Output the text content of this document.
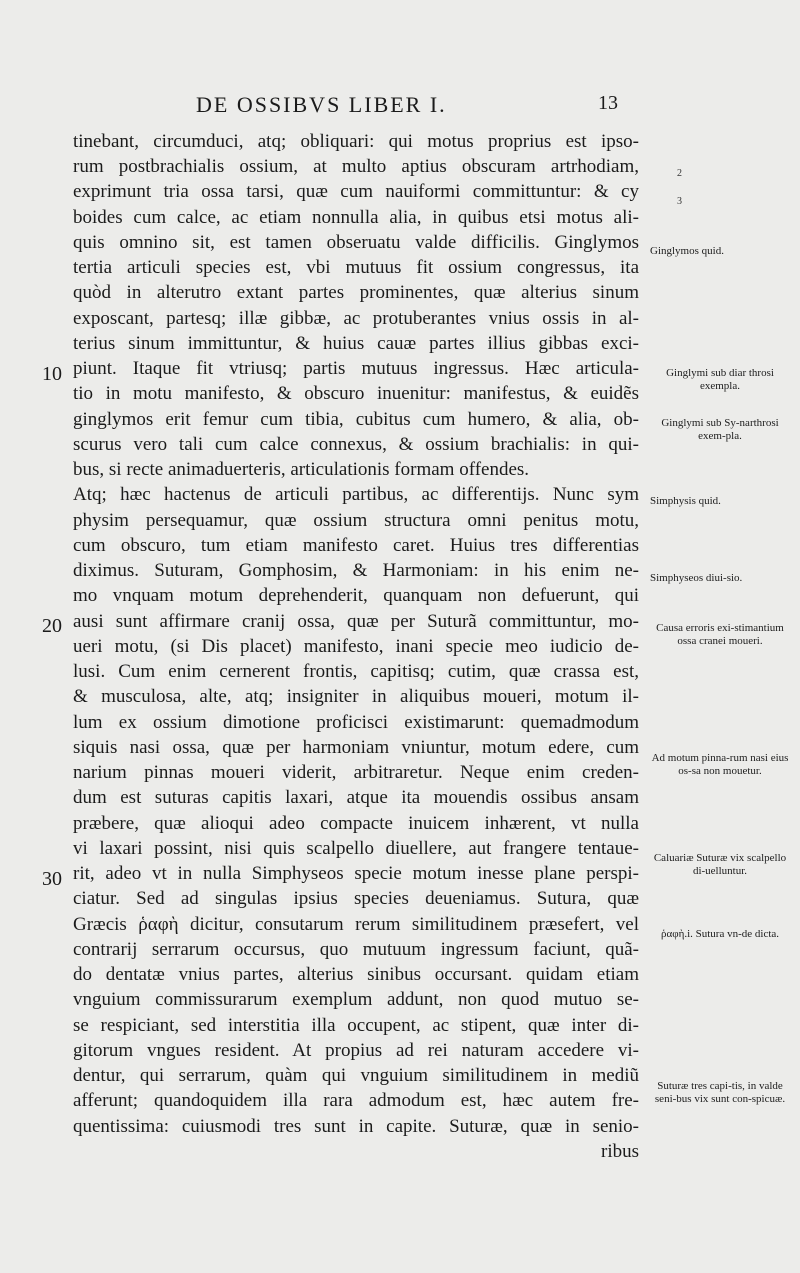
DE OSSIBVS LIBER I.	13
2
3
10
20
30
tinebant, circumduci, atq; obliquari: qui motus proprius est ipso-
rum postbrachialis ossium, at multo aptius obscuram artrhodiam,
exprimunt tria ossa tarsi, quæ cum nauiformi committuntur: & cy
boides cum calce, ac etiam nonnulla alia, in quibus etsi motus ali-
quis omnino sit, est tamen obseruatu valde difficilis. Ginglymos
tertia articuli species est, vbi mutuus fit ossium congressus, ita
quòd in alterutro extant partes prominentes, quæ alterius sinum
exposcant, partesq; illæ gibbæ, ac protuberantes vnius ossis in al-
terius sinum immittuntur, & huius cauæ partes illius gibbas exci-
piunt. Itaque fit vtriusq; partis mutuus ingressus. Hæc articula-
tio in motu manifesto, & obscuro inuenitur: manifestus, & euidẽs
ginglymos erit femur cum tibia, cubitus cum humero, & alia, ob-
scurus vero tali cum calce connexus, & ossium brachialis: in qui-
bus, si recte animaduerteris, articulationis formam offendes.
Atq; hæc hactenus de articuli partibus, ac differentijs. Nunc sym
physim persequamur, quæ ossium structura omni penitus motu,
cum obscuro, tum etiam manifesto caret. Huius tres differentias
diximus. Suturam, Gomphosim, & Harmoniam: in his enim ne-
mo vnquam motum deprehenderit, quanquam non defuerunt, qui
ausi sunt affirmare cranij ossa, quæ per Suturã committuntur, mo-
ueri motu, (si Dis placet) manifesto, inani specie meo iudicio de-
lusi. Cum enim cernerent frontis, capitisq; cutim, quæ crassa est,
& musculosa, alte, atq; insigniter in aliquibus moueri, motum il-
lum ex ossium dimotione proficisci existimarunt: quemadmodum
siquis nasi ossa, quæ per harmoniam vniuntur, motum edere, cum
narium pinnas moueri viderit, arbitraretur. Neque enim creden-
dum est suturas capitis laxari, atque ita mouendis ossibus ansam
præbere, quæ alioqui adeo compacte inuicem inhærent, vt nulla
vi laxari possint, nisi quis scalpello diuellere, aut frangere tentaue-
rit, adeo vt in nulla Simphyseos specie motum inesse plane perspi-
ciatur. Sed ad singulas ipsius species deueniamus. Sutura, quæ
Græcis ῥαφὴ dicitur, consutarum rerum similitudinem præsefert, vel
contrarij serrarum occursus, quo mutuum ingressum faciunt, quã-
do dentatæ vnius partes, alterius sinibus occursant. quidam etiam
vnguium commissurarum exemplum addunt, non quod mutuo se-
se respiciant, sed interstitia illa occupent, ac stipent, quæ inter di-
gitorum vngues resident. At propius ad rei naturam accedere vi-
dentur, qui serrarum, quàm qui vnguium similitudinem in mediũ
afferunt; quandoquidem illa rara admodum est, hæc autem fre-
quentissima: cuiusmodi tres sunt in capite. Suturæ, quæ in senio-
ribus
Ginglymos quid.
Ginglymi sub diar throsi exempla.
Ginglymi sub Sy-narthrosi exem-pla.
Simphysis quid.
Simphyseos diui-sio.
Causa erroris exi-stimantium ossa cranei moueri.
Ad motum pinna-rum nasi eius os-sa non mouetur.
Caluariæ Suturæ vix scalpello di-uelluntur.
ῥαφὴ.i. Sutura vn-de dicta.
Suturæ tres capi-tis, in valde seni-bus vix sunt con-spicuæ.
